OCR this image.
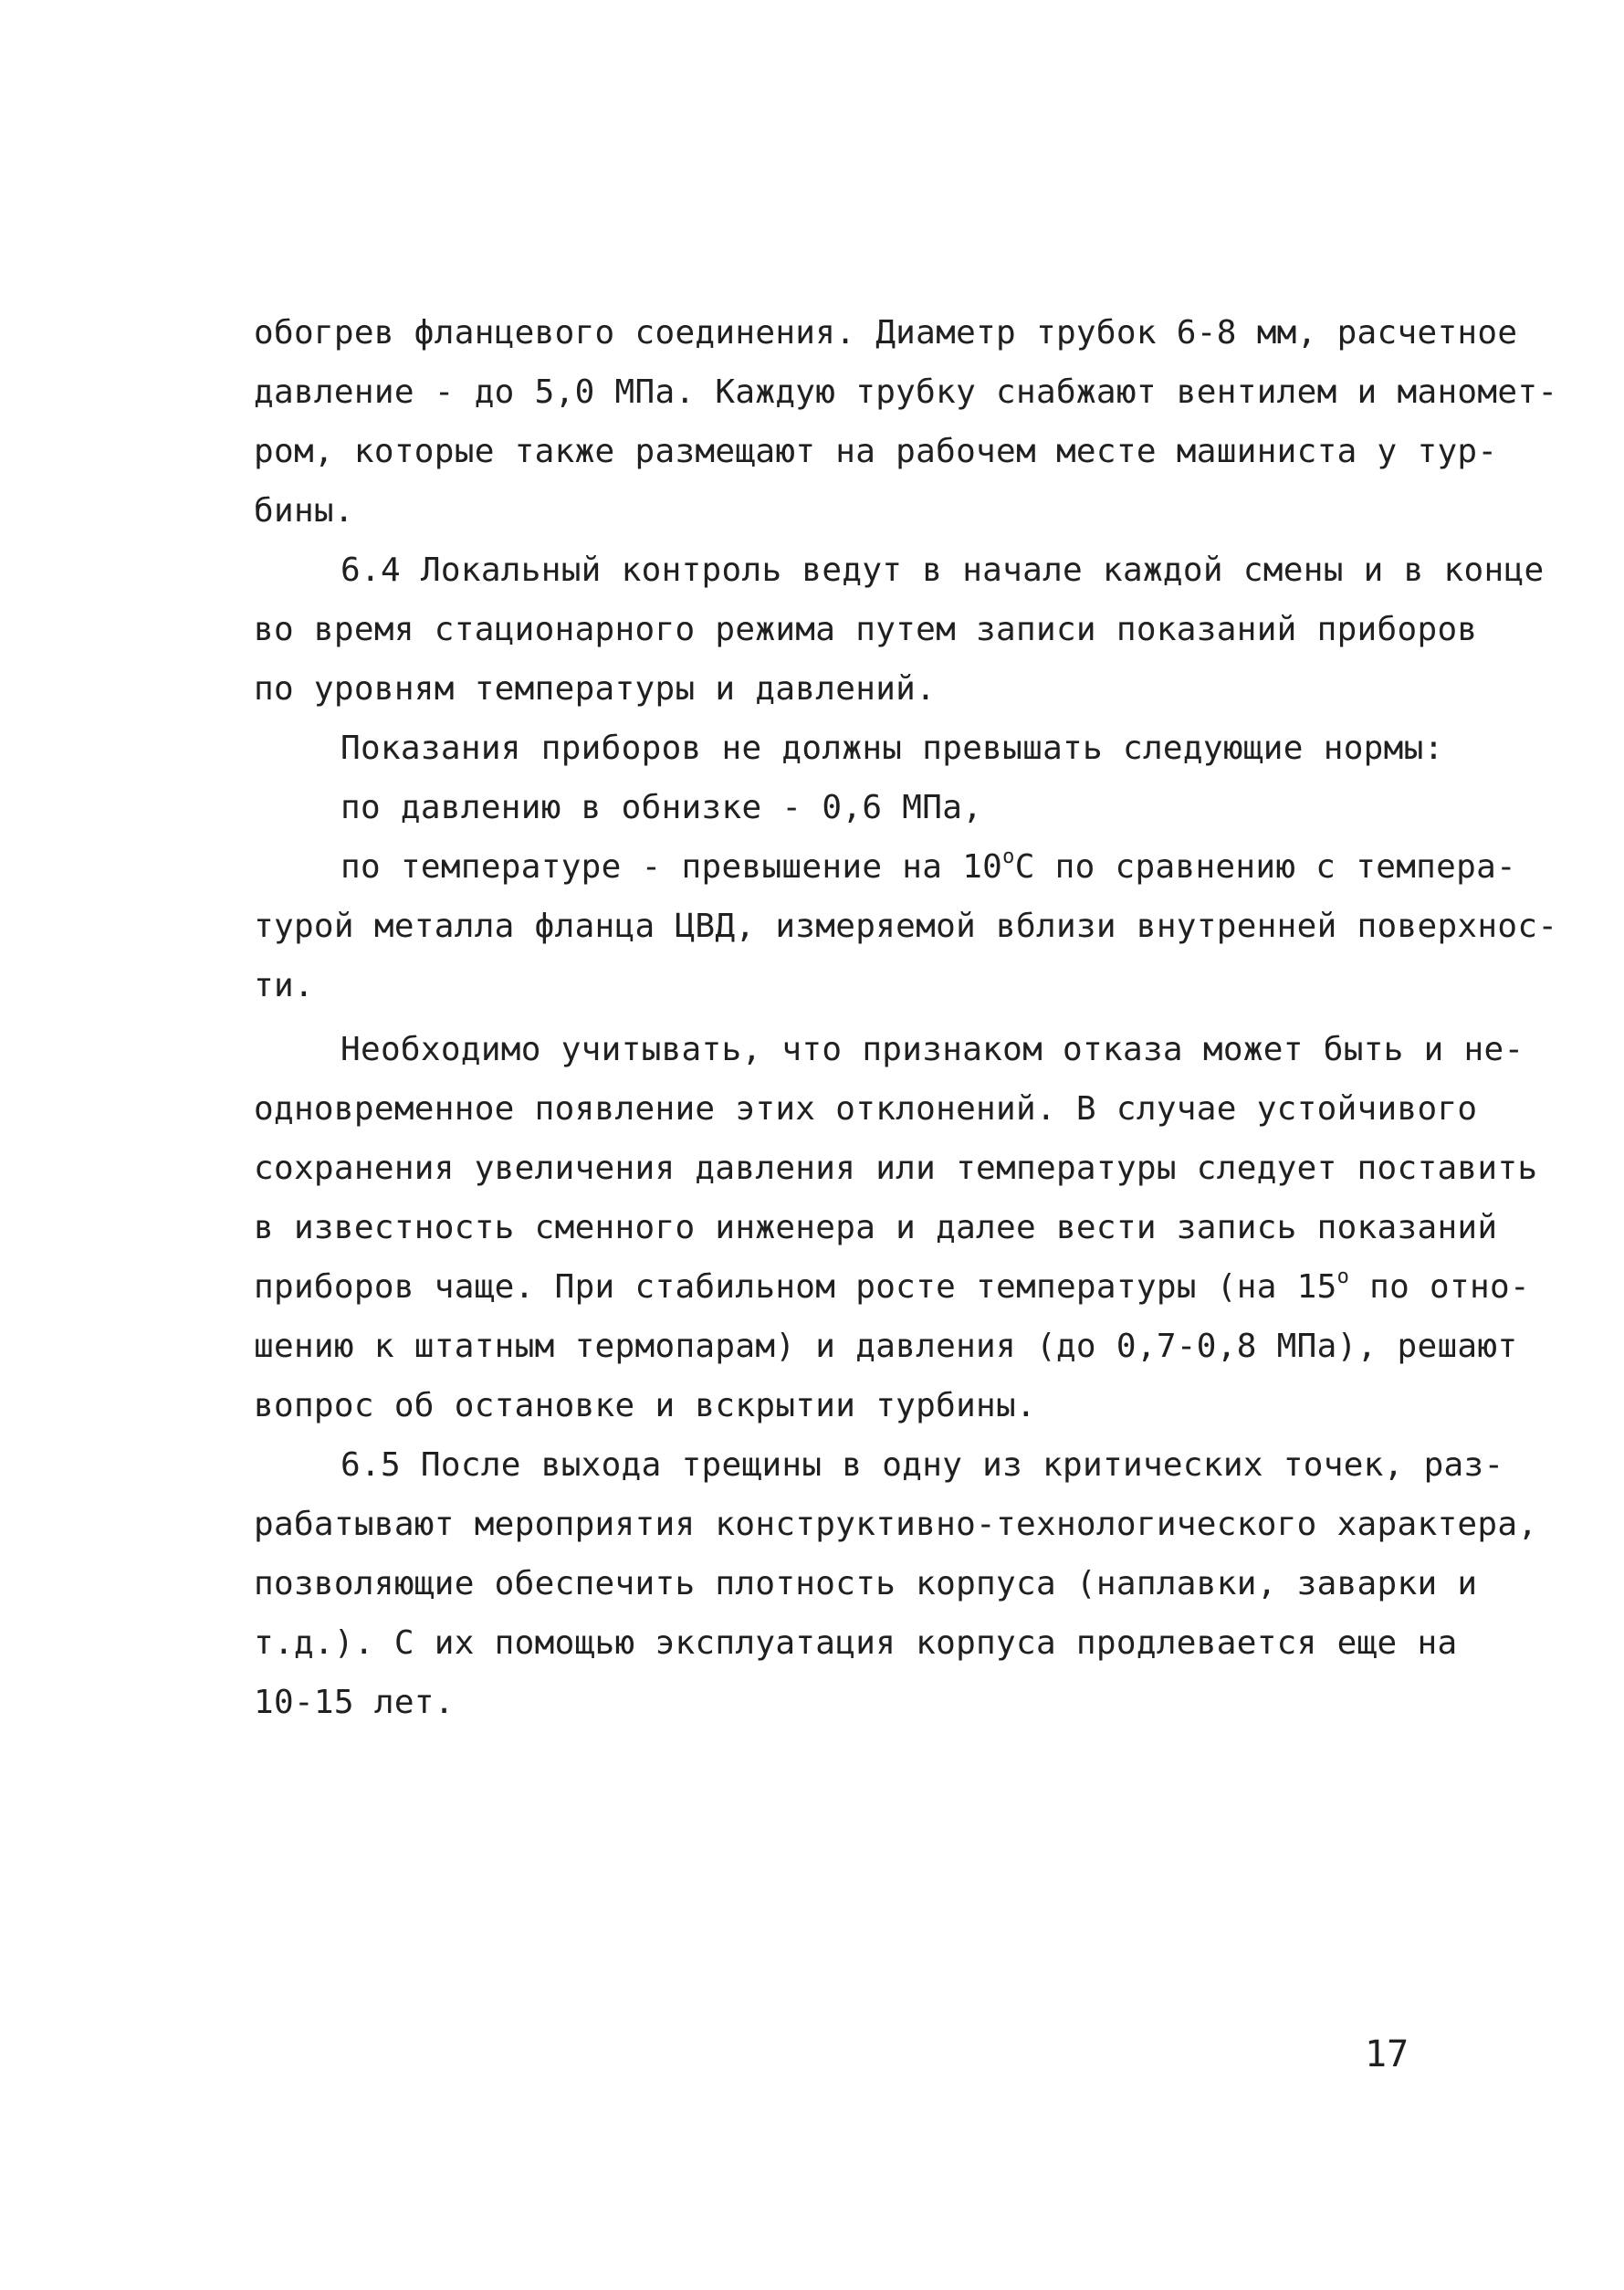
обогрев фланцевого соединения. Диаметр трубок 6-8 мм, расчетное
давление - до 5,0 МПа. Каждую трубку снабжают вентилем и маномет-
ром, которые также размещают на рабочем месте машиниста у тур-
бины.
6.4 Локальный контроль ведут в начале каждой смены и в конце
во время стационарного режима путем записи показаний приборов
по уровням температуры и давлений.
Показания приборов не должны превышать следующие нормы:
по давлению в обнизке - 0,6 МПа,
по температуре - превышение на $10^оС$ по сравнению с темпера-
турой металла фланца ЦВД, измеряемой вблизи внутренней поверхнос-
ти.
Необходимо учитывать, что признаком отказа может быть и не-
одновременное появление этих отклонений. В случае устойчивого
сохранения увеличения давления или температуры следует поставить
в известность сменного инженера и далее вести запись показаний
приборов чаще. При стабильном росте температуры (на $15^о$ по отно-
шению к штатным термопарам) и давления (до 0,7-0,8 МПа), решают
вопрос об остановке и вскрытии турбины.
6.5 После выхода трещины в одну из критических точек, раз-
рабатывают мероприятия конструктивно-технологического характера,
позволяющие обеспечить плотность корпуса (наплавки, заварки и
т.д.). С их помощью эксплуатация корпуса продлевается еще на
10-15 лет.
17
